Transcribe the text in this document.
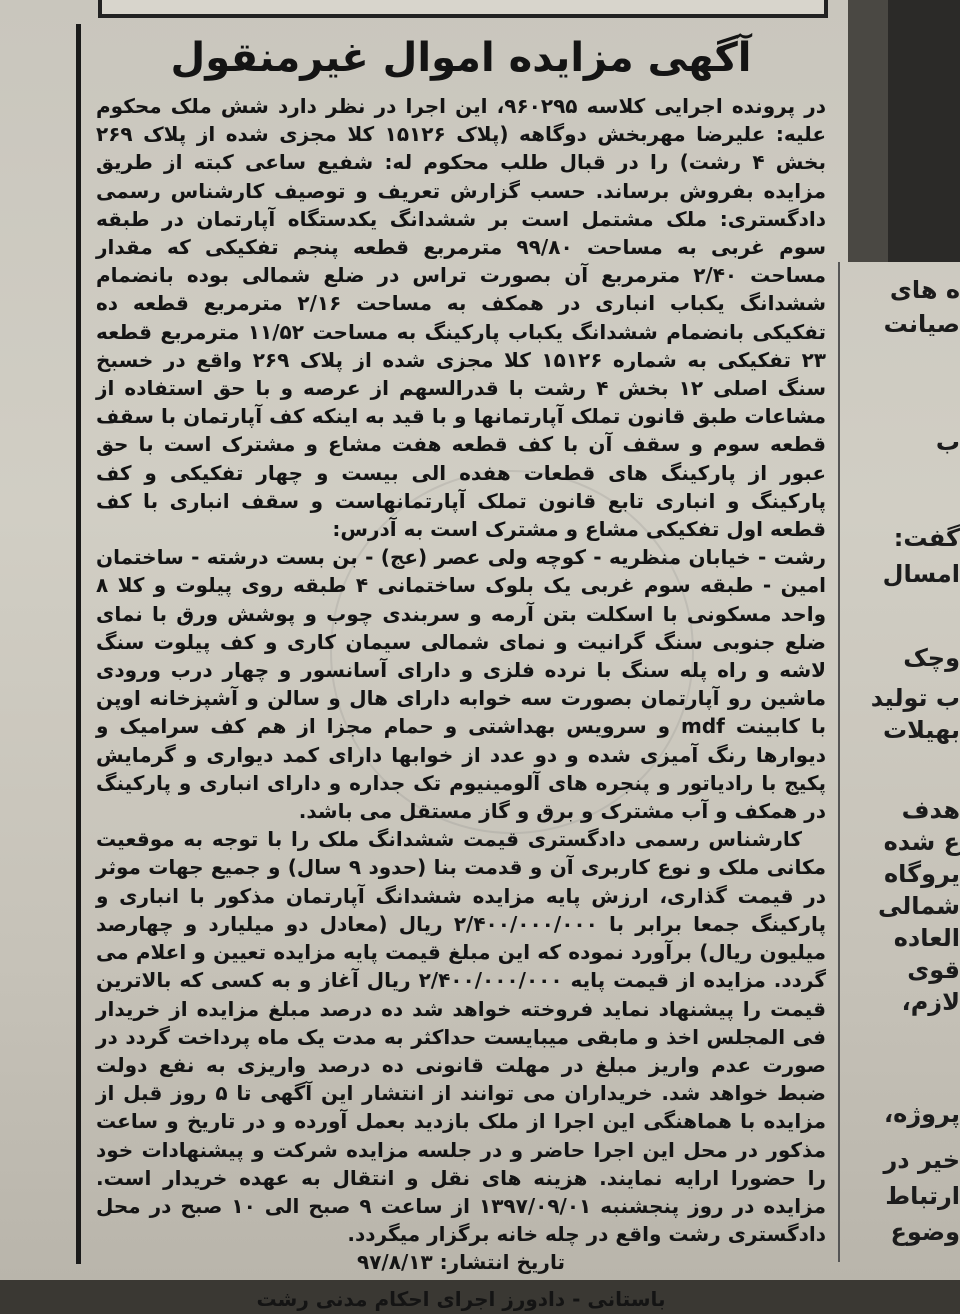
آگهی مزایده اموال غیرمنقول

در پرونده اجرایی کلاسه ۹۶۰۲۹۵، این اجرا در نظر دارد شش ملک محکوم علیه: علیرضا مهربخش دوگاهه (پلاک ۱۵۱۲۶ کلا مجزی شده از پلاک ۲۶۹ بخش ۴ رشت) را در قبال طلب محکوم له: شفیع ساعی کبته از طریق مزایده بفروش برساند. حسب گزارش تعریف و توصیف کارشناس رسمی دادگستری: ملک مشتمل است بر ششدانگ یکدستگاه آپارتمان در طبقه سوم غربی به مساحت ۹۹/۸۰ مترمربع قطعه پنجم تفکیکی که مقدار مساحت ۲/۴۰ مترمربع آن بصورت تراس در ضلع شمالی بوده بانضمام ششدانگ یکباب انباری در همکف به مساحت ۲/۱۶ مترمربع قطعه ده تفکیکی بانضمام ششدانگ یکباب پارکینگ به مساحت ۱۱/۵۲ مترمربع قطعه ۲۳ تفکیکی به شماره ۱۵۱۲۶ کلا مجزی شده از پلاک ۲۶۹ واقع در خسبخ سنگ اصلی ۱۲ بخش ۴ رشت با قدرالسهم از عرصه و با حق استفاده از مشاعات طبق قانون تملک آپارتمانها و با قید به اینکه کف آپارتمان با سقف قطعه سوم و سقف آن با کف قطعه هفت مشاع و مشترک است با حق عبور از پارکینگ های قطعات هفده الی بیست و چهار تفکیکی و کف پارکینگ و انباری تابع قانون تملک آپارتمانهاست و سقف انباری با کف قطعه اول تفکیکی مشاع و مشترک است به آدرس:

رشت - خیابان منظریه - کوچه ولی عصر (عج) - بن بست درشته - ساختمان امین - طبقه سوم غربی یک بلوک ساختمانی ۴ طبقه روی پیلوت و کلا ۸ واحد مسکونی با اسکلت بتن آرمه و سربندی چوب و پوشش ورق با نمای ضلع جنوبی سنگ گرانیت و نمای شمالی سیمان کاری و کف پیلوت سنگ لاشه و راه پله سنگ با نرده فلزی و دارای آسانسور و چهار درب ورودی ماشین رو آپارتمان بصورت سه خوابه دارای هال و سالن و آشپزخانه اوپن با کابینت mdf و سرویس بهداشتی و حمام مجزا از هم کف سرامیک و دیوارها رنگ آمیزی شده و دو عدد از خوابها دارای کمد دیواری و گرمایش پکیج با رادیاتور و پنجره های آلومینیوم تک جداره و دارای انباری و پارکینگ در همکف و آب مشترک و برق و گاز مستقل می باشد.

کارشناس رسمی دادگستری قیمت ششدانگ ملک را با توجه به موقعیت مکانی ملک و نوع کاربری آن و قدمت بنا (حدود ۹ سال) و جمیع جهات موثر در قیمت گذاری، ارزش پایه مزایده ششدانگ آپارتمان مذکور با انباری و پارکینگ جمعا برابر با ۲/۴۰۰/۰۰۰/۰۰۰ ریال (معادل دو میلیارد و چهارصد میلیون ریال) برآورد نموده که این مبلغ قیمت پایه مزایده تعیین و اعلام می گردد. مزایده از قیمت پایه ۲/۴۰۰/۰۰۰/۰۰۰ ریال آغاز و به کسی که بالاترین قیمت را پیشنهاد نماید فروخته خواهد شد ده درصد مبلغ مزایده از خریدار فی المجلس اخذ و مابقی میبایست حداکثر به مدت یک ماه پرداخت گردد در صورت عدم واریز مبلغ در مهلت قانونی ده درصد واریزی به نفع دولت ضبط خواهد شد. خریداران می توانند از انتشار این آگهی تا ۵ روز قبل از مزایده با هماهنگی این اجرا از ملک بازدید بعمل آورده و در تاریخ و ساعت مذکور در محل این اجرا حاضر و در جلسه مزایده شرکت و پیشنهادات خود را حضورا ارایه نمایند. هزینه های نقل و انتقال به عهده خریدار است. مزایده در روز پنجشنبه ۱۳۹۷/۰۹/۰۱ از ساعت ۹ صبح الی ۱۰ صبح در محل دادگستری رشت واقع در چله خانه برگزار میگردد.

تاریخ انتشار: ۹۷/۸/۱۳
باستانی - دادورز اجرای احکام مدنی رشت
ه های
صیانت
ب
گفت:
امسال
وچک
ب تولید
بهیلات
هدف
ع شده
یروگاه
شمالی
العاده
قوی
لازم،
پروژه،
خیر در
ارتباط
وضوع
